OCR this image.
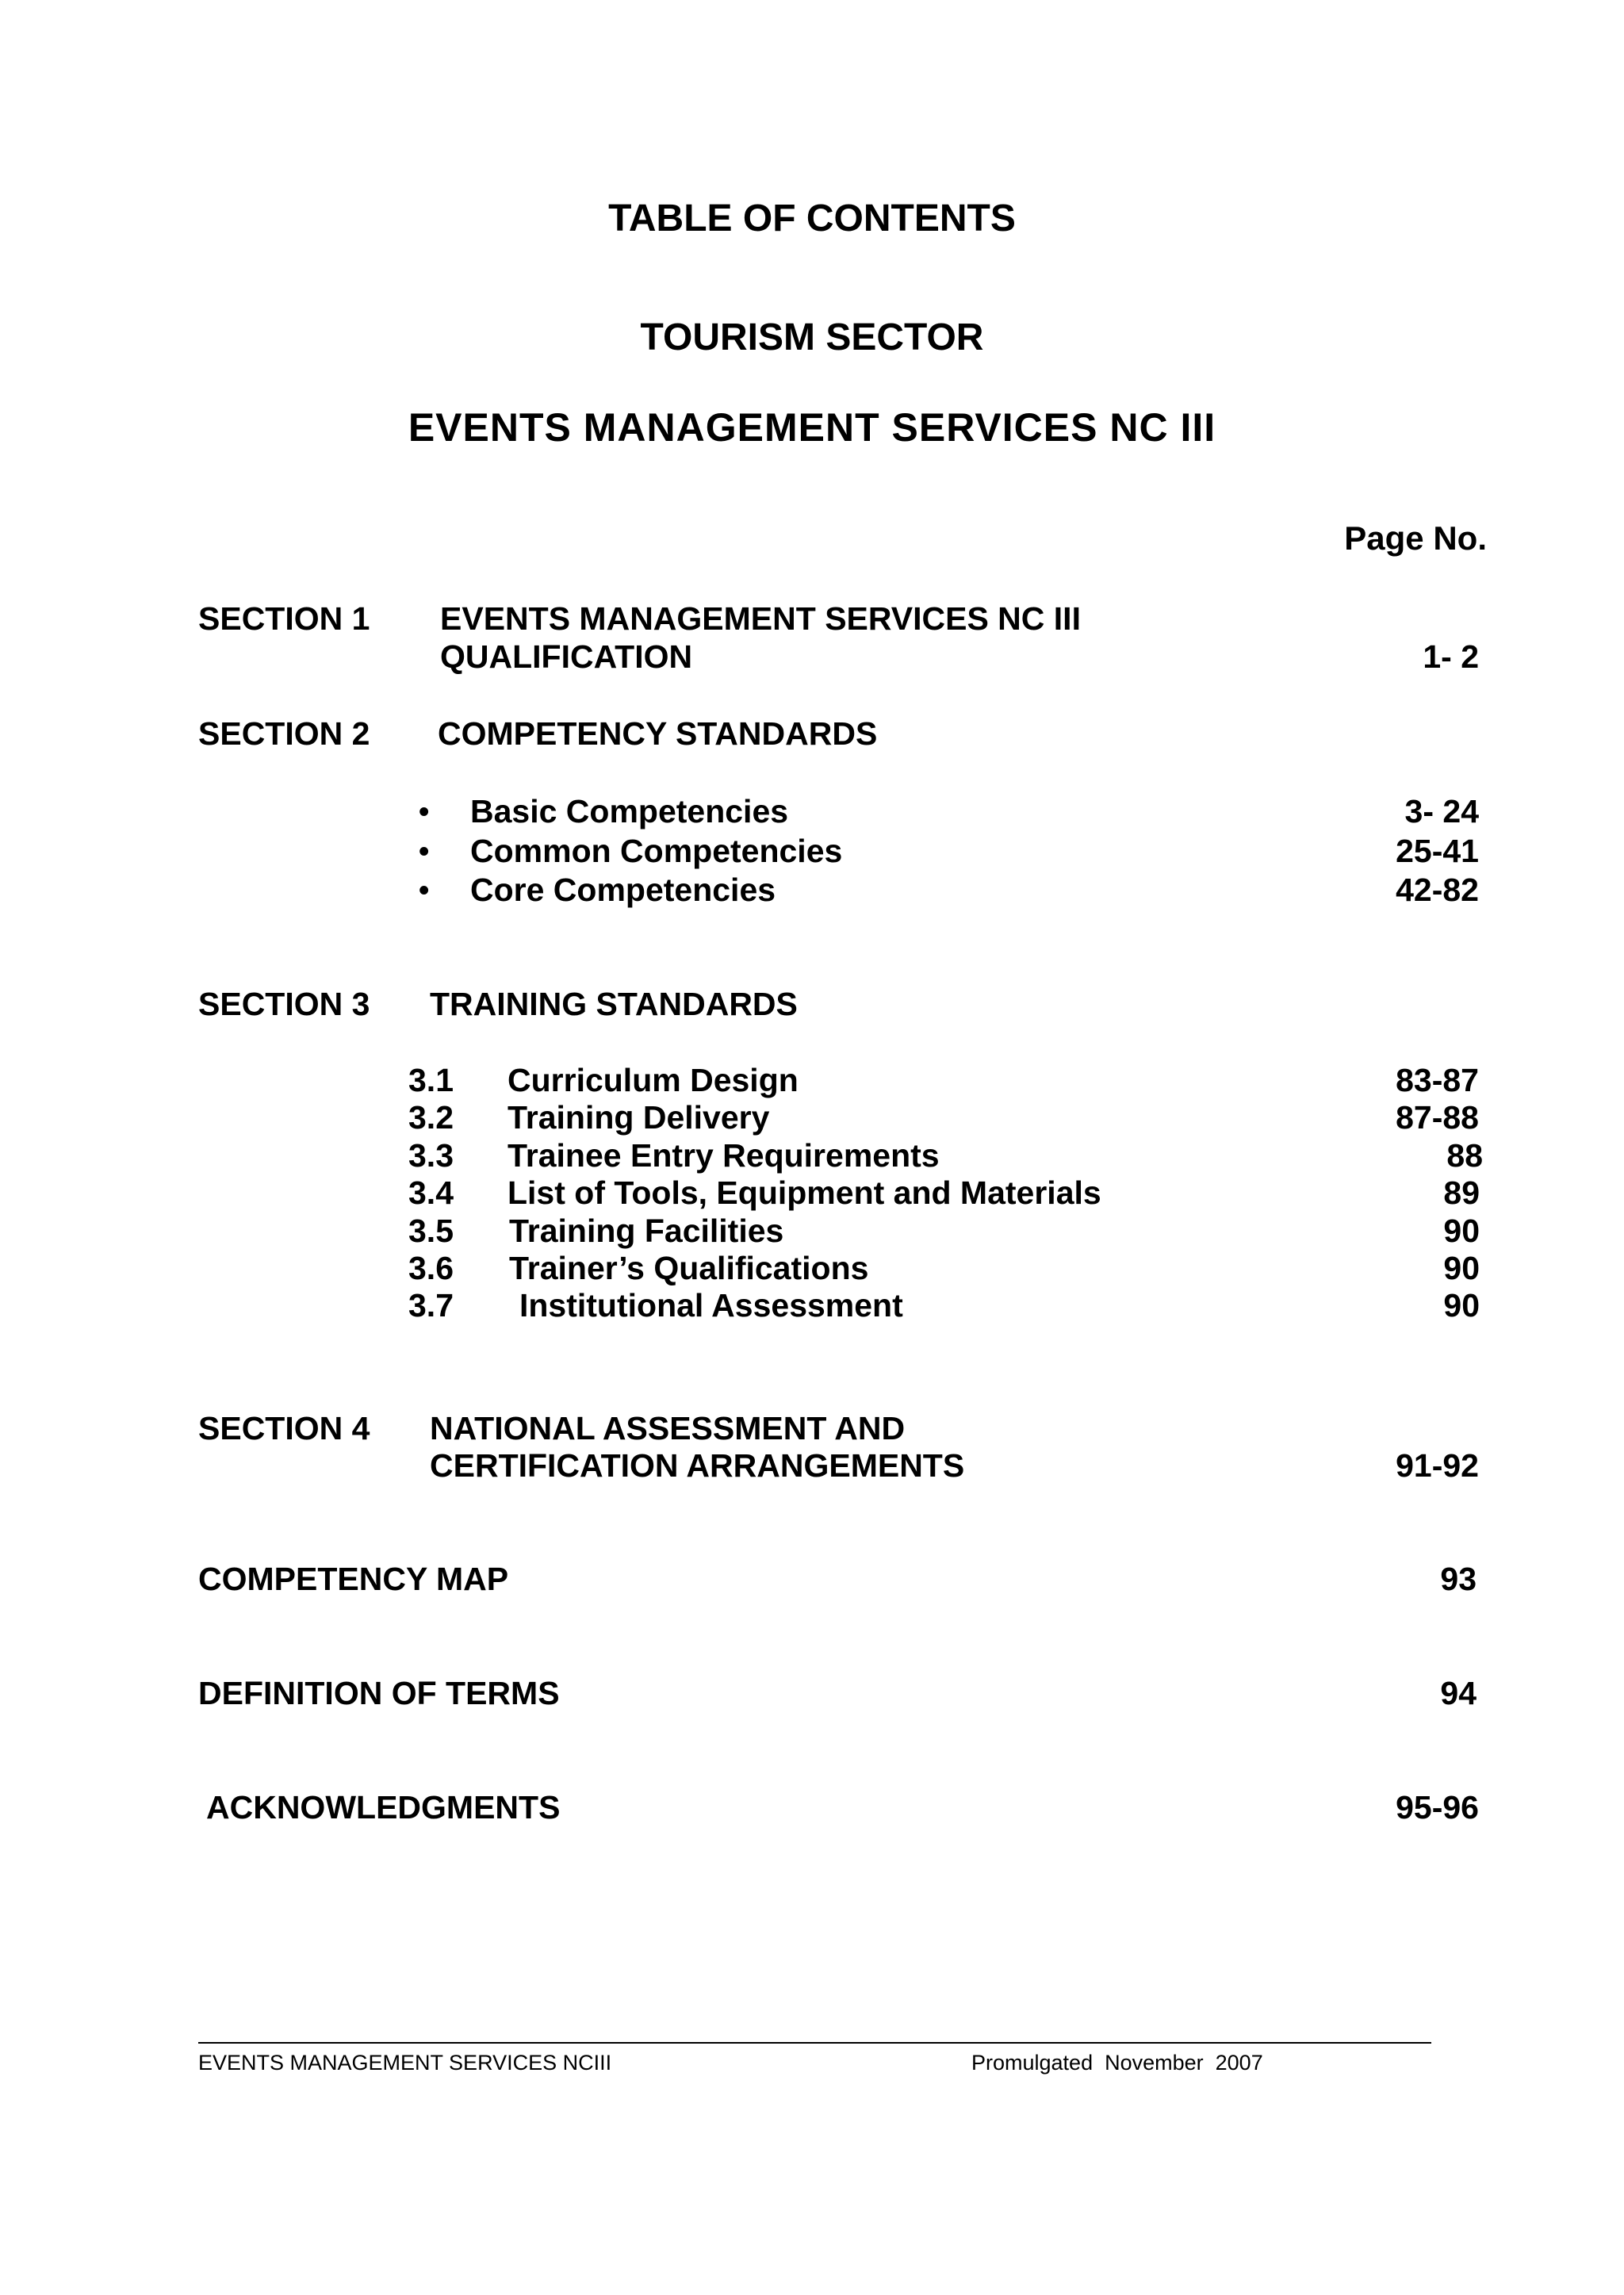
TABLE OF CONTENTS
TOURISM SECTOR
EVENTS MANAGEMENT SERVICES NC III
Page No.
SECTION 1 EVENTS MANAGEMENT SERVICES NC III
QUALIFICATION	1- 2
SECTION 2 COMPETENCY STANDARDS
• Basic Competencies	3- 24
• Common Competencies	25-41
• Core Competencies	42-82
SECTION 3 TRAINING STANDARDS
3.1 Curriculum Design	83-87
3.2 Training Delivery	87-88
3.3 Trainee Entry Requirements	88
3.4 List of Tools, Equipment and Materials	89
3.5 Training Facilities	90
3.6 Trainer’s Qualifications	90
3.7 Institutional Assessment	90
SECTION 4 NATIONAL ASSESSMENT AND
CERTIFICATION ARRANGEMENTS	91-92
COMPETENCY MAP	93
DEFINITION OF TERMS	94
ACKNOWLEDGMENTS	95-96
EVENTS MANAGEMENT SERVICES NCIII	Promulgated  November  2007
